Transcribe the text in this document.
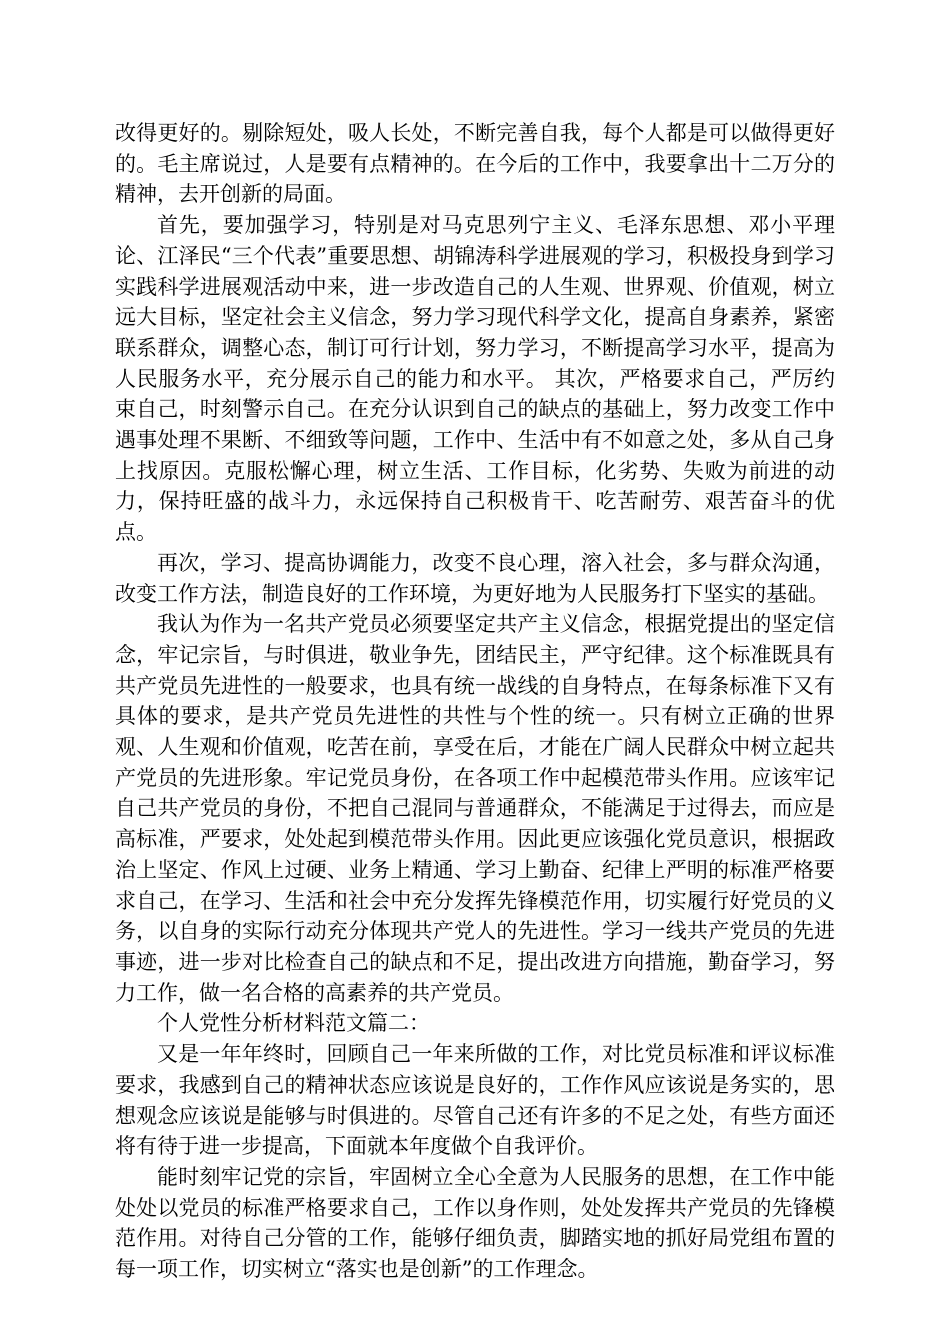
改得更好的。剔除短处，吸人长处，不断完善自我，每个人都是可以做得更好的。毛主席说过，人是要有点精神的。在今后的工作中，我要拿出十二万分的精神，去开创新的局面。

首先，要加强学习，特别是对马克思列宁主义、毛泽东思想、邓小平理论、江泽民“三个代表”重要思想、胡锦涛科学进展观的学习，积极投身到学习实践科学进展观活动中来，进一步改造自己的人生观、世界观、价值观，树立远大目标，坚定社会主义信念，努力学习现代科学文化，提高自身素养，紧密联系群众，调整心态，制订可行计划，努力学习，不断提高学习水平，提高为人民服务水平，充分展示自己的能力和水平。 其次，严格要求自己，严厉约束自己，时刻警示自己。在充分认识到自己的缺点的基础上，努力改变工作中遇事处理不果断、不细致等问题，工作中、生活中有不如意之处，多从自己身上找原因。克服松懈心理，树立生活、工作目标，化劣势、失败为前进的动力，保持旺盛的战斗力，永远保持自己积极肯干、吃苦耐劳、艰苦奋斗的优点。

再次，学习、提高协调能力，改变不良心理，溶入社会，多与群众沟通，改变工作方法，制造良好的工作环境，为更好地为人民服务打下坚实的基础。

我认为作为一名共产党员必须要坚定共产主义信念，根据党提出的坚定信念，牢记宗旨，与时俱进，敬业争先，团结民主，严守纪律。这个标准既具有共产党员先进性的一般要求，也具有统一战线的自身特点，在每条标准下又有具体的要求，是共产党员先进性的共性与个性的统一。只有树立正确的世界观、人生观和价值观，吃苦在前，享受在后，才能在广阔人民群众中树立起共产党员的先进形象。牢记党员身份，在各项工作中起模范带头作用。应该牢记自己共产党员的身份，不把自己混同与普通群众，不能满足于过得去，而应是高标准，严要求，处处起到模范带头作用。因此更应该强化党员意识，根据政治上坚定、作风上过硬、业务上精通、学习上勤奋、纪律上严明的标准严格要求自己，在学习、生活和社会中充分发挥先锋模范作用，切实履行好党员的义务，以自身的实际行动充分体现共产党人的先进性。学习一线共产党员的先进事迹，进一步对比检查自己的缺点和不足，提出改进方向措施，勤奋学习，努力工作，做一名合格的高素养的共产党员。

个人党性分析材料范文篇二：

又是一年年终时，回顾自己一年来所做的工作，对比党员标准和评议标准要求，我感到自己的精神状态应该说是良好的，工作作风应该说是务实的，思想观念应该说是能够与时俱进的。尽管自己还有许多的不足之处，有些方面还将有待于进一步提高，下面就本年度做个自我评价。

能时刻牢记党的宗旨，牢固树立全心全意为人民服务的思想，在工作中能处处以党员的标准严格要求自己，工作以身作则，处处发挥共产党员的先锋模范作用。对待自己分管的工作，能够仔细负责，脚踏实地的抓好局党组布置的每一项工作，切实树立“落实也是创新”的工作理念。
